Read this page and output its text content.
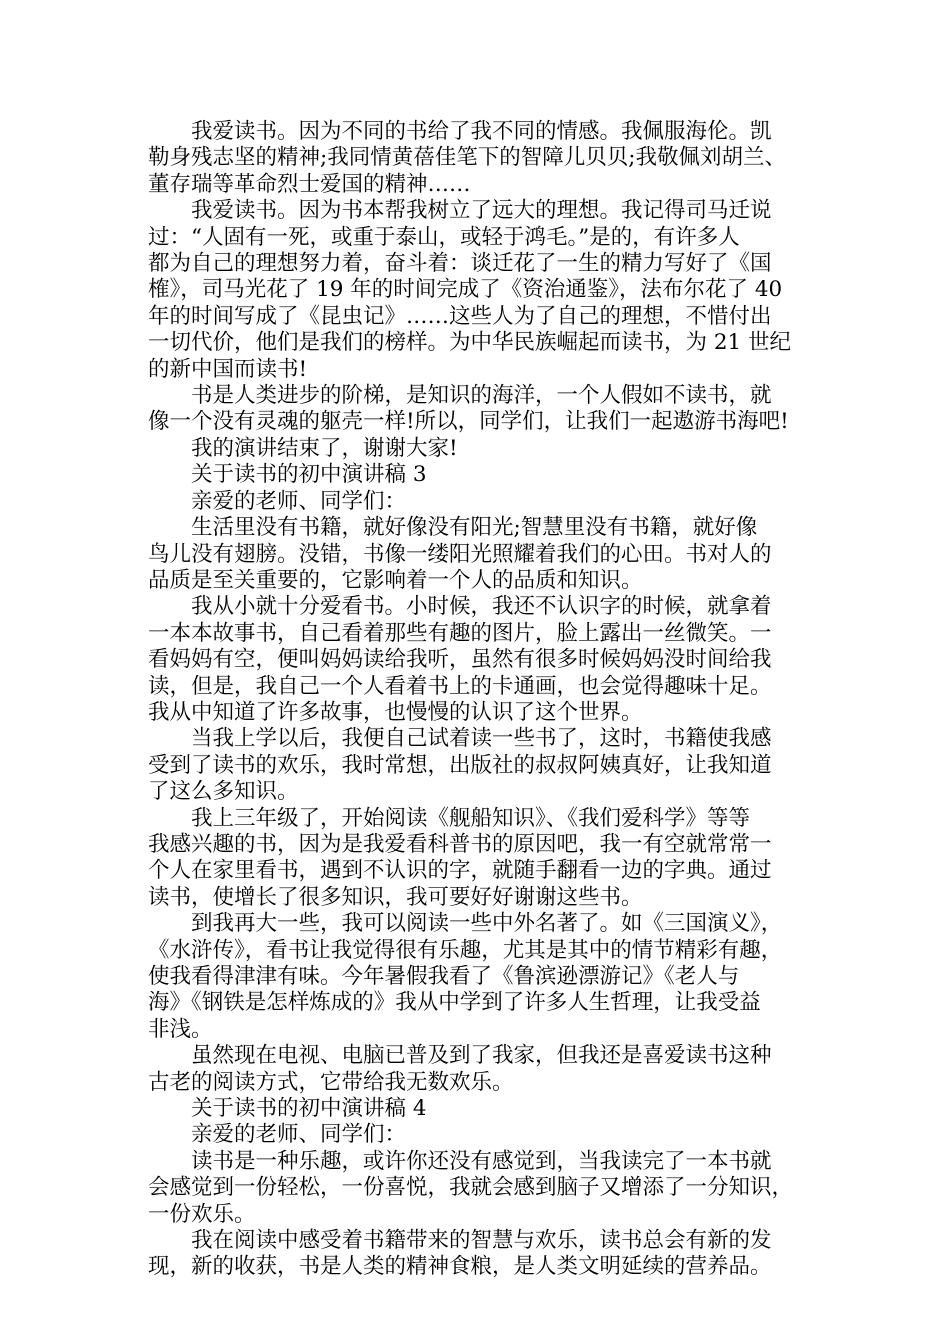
我爱读书。因为不同的书给了我不同的情感。我佩服海伦。凯
勒身残志坚的精神;我同情黄蓓佳笔下的智障儿贝贝;我敬佩刘胡兰、
董存瑞等革命烈士爱国的精神……
我爱读书。因为书本帮我树立了远大的理想。我记得司马迁说
过：“人固有一死，或重于泰山，或轻于鸿毛。”是的，有许多人
都为自己的理想努力着，奋斗着：谈迁花了一生的精力写好了《国
榷》，司马光花了 19 年的时间完成了《资治通鉴》，法布尔花了 40
年的时间写成了《昆虫记》……这些人为了自己的理想，不惜付出
一切代价，他们是我们的榜样。为中华民族崛起而读书，为 21 世纪
的新中国而读书!
书是人类进步的阶梯，是知识的海洋，一个人假如不读书，就
像一个没有灵魂的躯壳一样!所以，同学们，让我们一起遨游书海吧!
我的演讲结束了，谢谢大家!
关于读书的初中演讲稿 3
亲爱的老师、同学们：
生活里没有书籍，就好像没有阳光;智慧里没有书籍，就好像
鸟儿没有翅膀。没错，书像一缕阳光照耀着我们的心田。书对人的
品质是至关重要的，它影响着一个人的品质和知识。
我从小就十分爱看书。小时候，我还不认识字的时候，就拿着
一本本故事书，自己看着那些有趣的图片，脸上露出一丝微笑。一
看妈妈有空，便叫妈妈读给我听，虽然有很多时候妈妈没时间给我
读，但是，我自己一个人看着书上的卡通画，也会觉得趣味十足。
我从中知道了许多故事，也慢慢的认识了这个世界。
当我上学以后，我便自己试着读一些书了，这时，书籍使我感
受到了读书的欢乐，我时常想，出版社的叔叔阿姨真好，让我知道
了这么多知识。
我上三年级了，开始阅读《舰船知识》、《我们爱科学》等等
我感兴趣的书，因为是我爱看科普书的原因吧，我一有空就常常一
个人在家里看书，遇到不认识的字，就随手翻看一边的字典。通过
读书，使增长了很多知识，我可要好好谢谢这些书。
到我再大一些，我可以阅读一些中外名著了。如《三国演义》，
《水浒传》，看书让我觉得很有乐趣，尤其是其中的情节精彩有趣，
使我看得津津有味。今年暑假我看了《鲁滨逊漂游记》《老人与
海》《钢铁是怎样炼成的》我从中学到了许多人生哲理，让我受益
非浅。
虽然现在电视、电脑已普及到了我家，但我还是喜爱读书这种
古老的阅读方式，它带给我无数欢乐。
关于读书的初中演讲稿 4
亲爱的老师、同学们：
读书是一种乐趣，或许你还没有感觉到，当我读完了一本书就
会感觉到一份轻松，一份喜悦，我就会感到脑子又增添了一分知识，
一份欢乐。
我在阅读中感受着书籍带来的智慧与欢乐，读书总会有新的发
现，新的收获，书是人类的精神食粮，是人类文明延续的营养品。
